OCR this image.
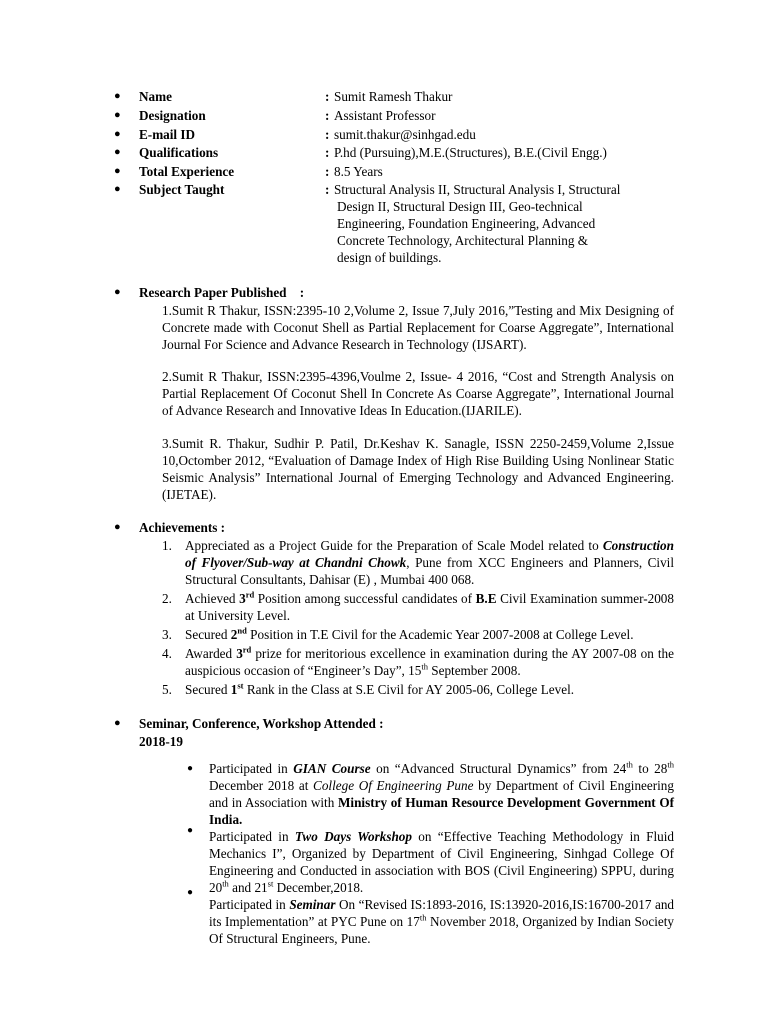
●
Name	: Sumit Ramesh Thakur
●
Designation	: Assistant Professor
●
E-mail ID	: sumit.thakur@sinhgad.edu
●
Qualifications	: P.hd (Pursuing),M.E.(Structures), B.E.(Civil Engg.)
●
Total Experience	: 8.5 Years
●
Subject Taught	: Structural Analysis II, Structural Analysis I, Structural
Design II, Structural Design III, Geo-technical
Engineering, Foundation Engineering, Advanced
Concrete Technology, Architectural Planning &
design of buildings.
●
Research Paper Published    :
1.Sumit R Thakur, ISSN:2395-10 2,Volume 2, Issue 7,July 2016,”Testing and Mix Designing of Concrete made with Coconut Shell as Partial Replacement for Coarse Aggregate”, International Journal For Science and Advance Research in Technology (IJSART).
2.Sumit R Thakur, ISSN:2395-4396,Voulme 2, Issue- 4 2016, “Cost and Strength Analysis on Partial Replacement Of Coconut Shell In Concrete As Coarse Aggregate”, International Journal of Advance Research and Innovative Ideas In Education.(IJARILE).
3.Sumit R. Thakur, Sudhir P. Patil, Dr.Keshav K. Sanagle, ISSN 2250-2459,Volume 2,Issue 10,Octomber 2012, “Evaluation of Damage Index of High Rise Building Using Nonlinear Static Seismic Analysis” International Journal of Emerging Technology and Advanced Engineering.(IJETAE).
●
Achievements :
1. Appreciated as a Project Guide for the Preparation of Scale Model related to Construction of Flyover/Sub-way at Chandni Chowk, Pune from XCC Engineers and Planners, Civil Structural Consultants, Dahisar (E) , Mumbai 400 068.
2. Achieved 3rd Position among successful candidates of B.E Civil Examination summer-2008 at University Level.
3. Secured 2nd Position in T.E Civil for the Academic Year 2007-2008 at College Level.
4. Awarded 3rd prize for meritorious excellence in examination during the AY 2007-08 on the auspicious occasion of “Engineer’s Day”, 15th September 2008.
5. Secured 1st Rank in the Class at S.E Civil for AY 2005-06, College Level.
●
Seminar, Conference, Workshop Attended :
2018-19
Participated in GIAN Course on “Advanced Structural Dynamics” from 24th to 28th December 2018 at College Of Engineering Pune by Department of Civil Engineering and in Association with Ministry of Human Resource Development Government Of India.
Participated in Two Days Workshop on “Effective Teaching Methodology in Fluid Mechanics I”, Organized by Department of Civil Engineering, Sinhgad College Of Engineering and Conducted in association with BOS (Civil Engineering) SPPU, during 20th and 21st December,2018.
Participated in Seminar On “Revised IS:1893-2016, IS:13920-2016,IS:16700-2017 and its Implementation” at PYC Pune on 17th November 2018, Organized by Indian Society Of Structural Engineers, Pune.
●
●
●
